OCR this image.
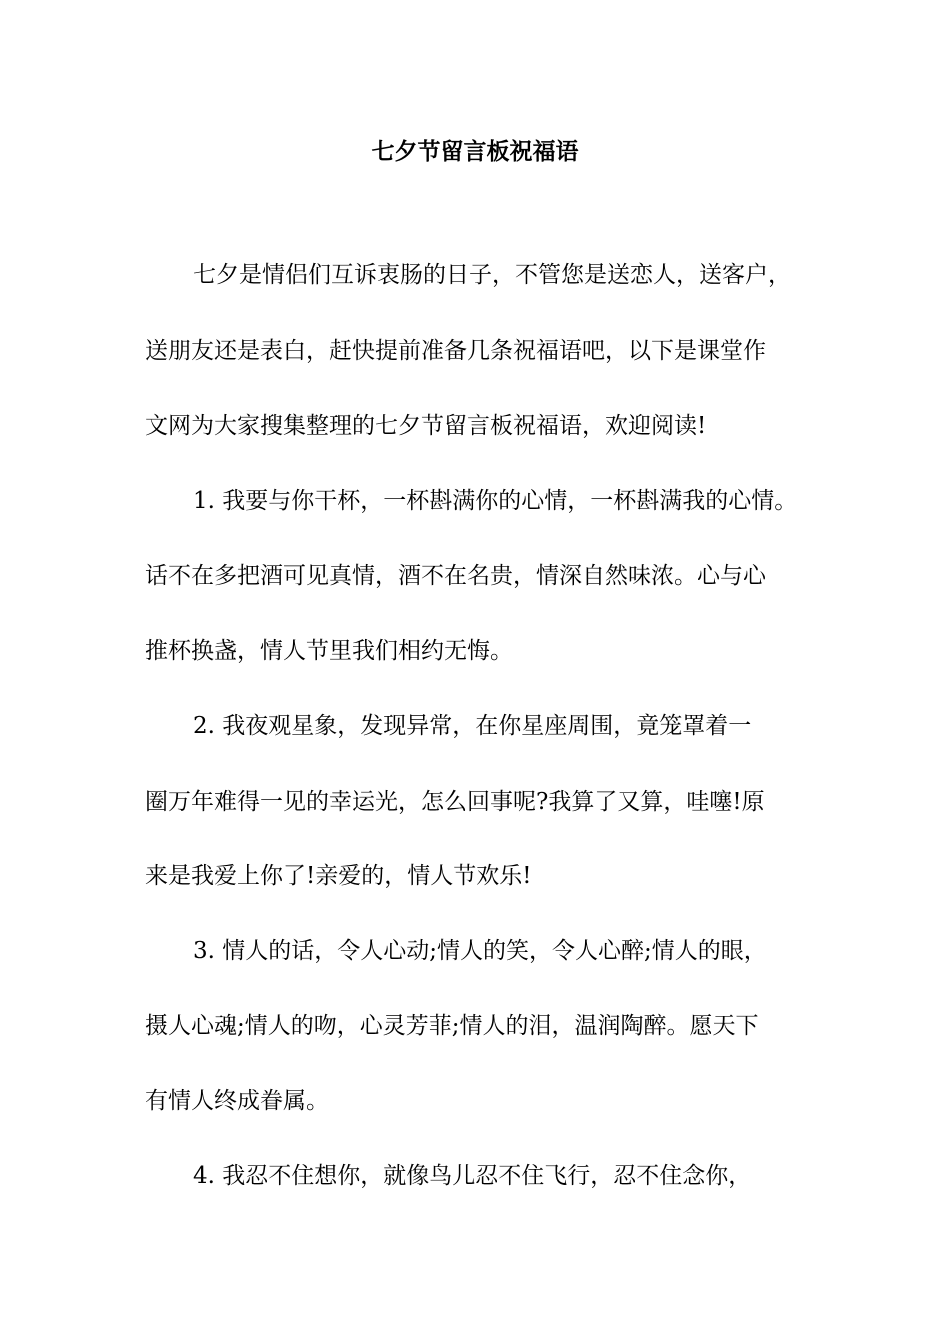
七夕节留言板祝福语
七夕是情侣们互诉衷肠的日子，不管您是送恋人，送客户，
送朋友还是表白，赶快提前准备几条祝福语吧，以下是课堂作
文网为大家搜集整理的七夕节留言板祝福语，欢迎阅读!
1. 我要与你干杯，一杯斟满你的心情，一杯斟满我的心情。
话不在多把酒可见真情，酒不在名贵，情深自然味浓。心与心
推杯换盏，情人节里我们相约无悔。
2. 我夜观星象，发现异常，在你星座周围，竟笼罩着一
圈万年难得一见的幸运光，怎么回事呢?我算了又算，哇噻!原
来是我爱上你了!亲爱的，情人节欢乐!
3. 情人的话，令人心动;情人的笑，令人心醉;情人的眼，
摄人心魂;情人的吻，心灵芳菲;情人的泪，温润陶醉。愿天下
有情人终成眷属。
4. 我忍不住想你，就像鸟儿忍不住飞行，忍不住念你，
